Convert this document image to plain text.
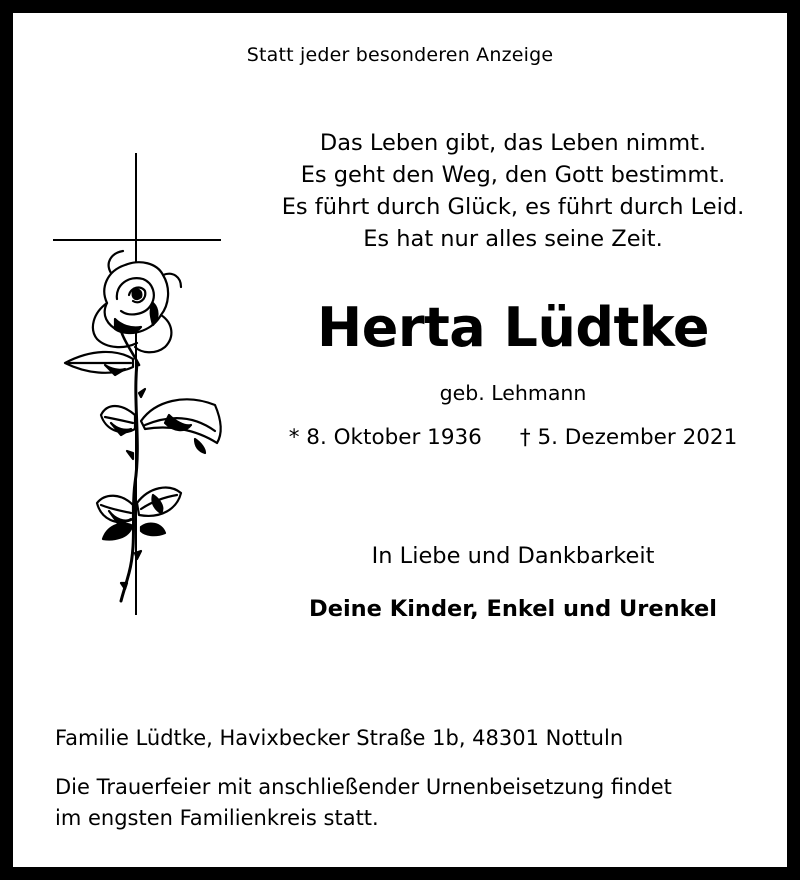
Statt jeder besonderen Anzeige
Das Leben gibt, das Leben nimmt.
Es geht den Weg, den Gott bestimmt.
Es führt durch Glück, es führt durch Leid.
Es hat nur alles seine Zeit.
Herta Lüdtke
geb. Lehmann
* 8. Oktober 1936 † 5. Dezember 2021
In Liebe und Dankbarkeit
Deine Kinder, Enkel und Urenkel
Familie Lüdtke, Havixbecker Straße 1b, 48301 Nottuln
Die Trauerfeier mit anschließender Urnenbeisetzung findet
im engsten Familienkreis statt.
